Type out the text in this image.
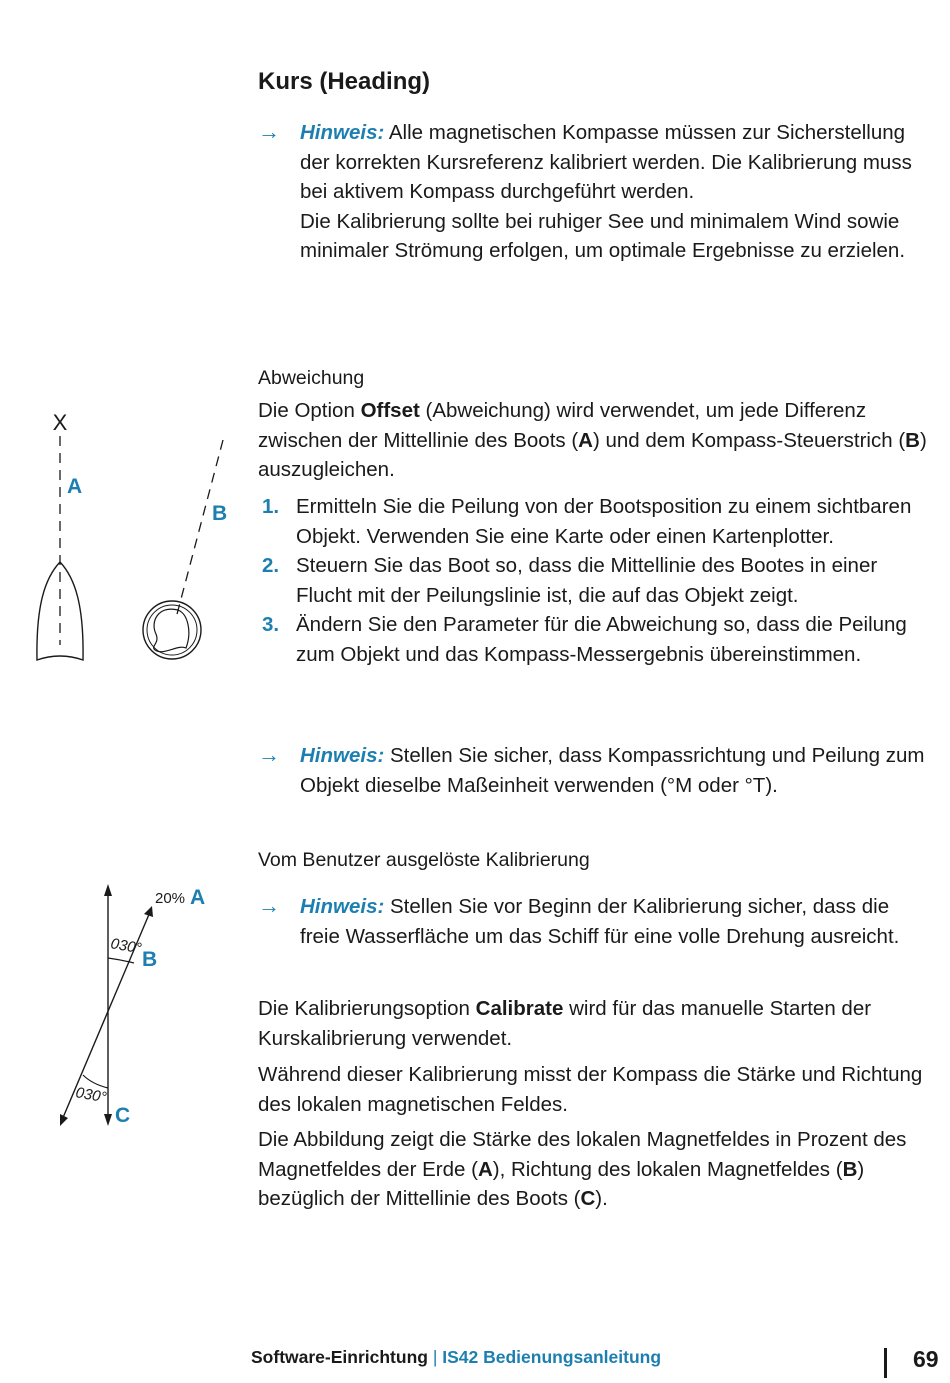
Kurs (Heading)
→ Hinweis: Alle magnetischen Kompasse müssen zur Sicherstellung der korrekten Kursreferenz kalibriert werden. Die Kalibrierung muss bei aktivem Kompass durchgeführt werden.

Die Kalibrierung sollte bei ruhiger See und minimalem Wind sowie minimaler Strömung erfolgen, um optimale Ergebnisse zu erzielen.

Abweichung

Die Option Offset (Abweichung) wird verwendet, um jede Differenz zwischen der Mittellinie des Boots (A) und dem Kompass-Steuerstrich (B) auszugleichen.

1. Ermitteln Sie die Peilung von der Bootsposition zu einem sichtbaren Objekt. Verwenden Sie eine Karte oder einen Kartenplotter.
2. Steuern Sie das Boot so, dass die Mittellinie des Bootes in einer Flucht mit der Peilungslinie ist, die auf das Objekt zeigt.
3. Ändern Sie den Parameter für die Abweichung so, dass die Peilung zum Objekt und das Kompass-Messergebnis übereinstimmen.
→ Hinweis: Stellen Sie sicher, dass Kompassrichtung und Peilung zum Objekt dieselbe Maßeinheit verwenden (°M oder °T).

X
A
B
Vom Benutzer ausgelöste Kalibrierung
→ Hinweis: Stellen Sie vor Beginn der Kalibrierung sicher, dass die freie Wasserfläche um das Schiff für eine volle Drehung ausreicht.

Die Kalibrierungsoption Calibrate wird für das manuelle Starten der Kurskalibrierung verwendet.

Während dieser Kalibrierung misst der Kompass die Stärke und Richtung des lokalen magnetischen Feldes.

Die Abbildung zeigt die Stärke des lokalen Magnetfeldes in Prozent des Magnetfeldes der Erde (A), Richtung des lokalen Magnetfeldes (B) bezüglich der Mittellinie des Boots (C).

20% A
030°
B
030°
C
Software-Einrichtung | IS42 Bedienungsanleitung	69
